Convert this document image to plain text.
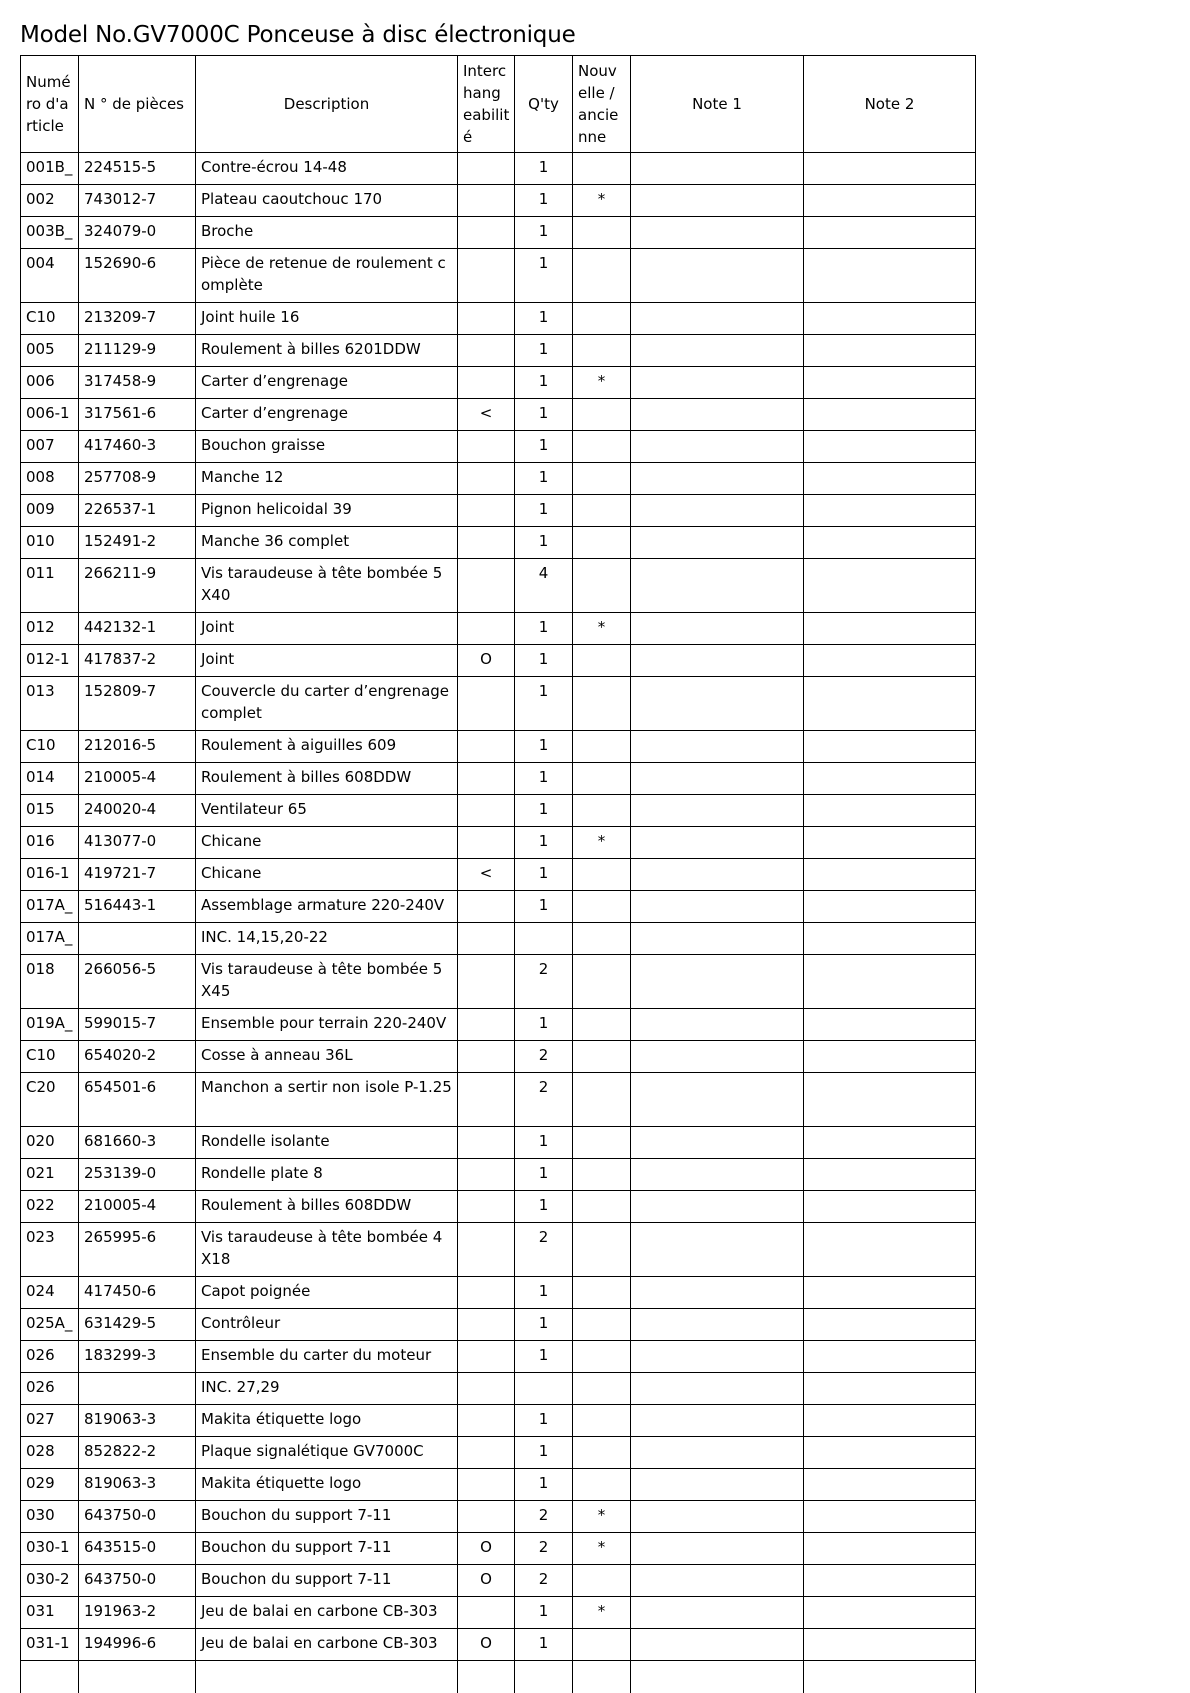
Model No.GV7000C Ponceuse à disc électronique
Numé ro d'a rticle	N ° de pièces	Description	Interc hang eabilit é	Q'ty	Nouv elle / ancie nne	Note 1	Note 2
001B_	224515-5	Contre-écrou 14-48		1			
002	743012-7	Plateau caoutchouc 170		1	*		
003B_	324079-0	Broche		1			
004	152690-6	Pièce de retenue de roulement complète		1			
C10	213209-7	Joint huile 16		1			
005	211129-9	Roulement à billes 6201DDW		1			
006	317458-9	Carter d’engrenage		1	*		
006-1	317561-6	Carter d’engrenage	<	1			
007	417460-3	Bouchon graisse		1			
008	257708-9	Manche 12		1			
009	226537-1	Pignon helicoidal 39		1			
010	152491-2	Manche 36 complet		1			
011	266211-9	Vis taraudeuse à tête bombée 5X40		4			
012	442132-1	Joint		1	*		
012-1	417837-2	Joint	O	1			
013	152809-7	Couvercle du carter d’engrenage complet		1			
C10	212016-5	Roulement à aiguilles 609		1			
014	210005-4	Roulement à billes 608DDW		1			
015	240020-4	Ventilateur 65		1			
016	413077-0	Chicane		1	*		
016-1	419721-7	Chicane	<	1			
017A_	516443-1	Assemblage armature 220-240V		1			
017A_		INC. 14,15,20-22					
018	266056-5	Vis taraudeuse à tête bombée 5X45		2			
019A_	599015-7	Ensemble pour terrain 220-240V		1			
C10	654020-2	Cosse à anneau 36L		2			
C20	654501-6	Manchon a sertir non isole P-1.25		2			
020	681660-3	Rondelle isolante		1			
021	253139-0	Rondelle plate 8		1			
022	210005-4	Roulement à billes 608DDW		1			
023	265995-6	Vis taraudeuse à tête bombée 4X18		2			
024	417450-6	Capot poignée		1			
025A_	631429-5	Contrôleur		1			
026	183299-3	Ensemble du carter du moteur		1			
026		INC. 27,29					
027	819063-3	Makita étiquette logo		1			
028	852822-2	Plaque signalétique GV7000C		1			
029	819063-3	Makita étiquette logo		1			
030	643750-0	Bouchon du support 7-11		2	*		
030-1	643515-0	Bouchon du support 7-11	O	2	*		
030-2	643750-0	Bouchon du support 7-11	O	2			
031	191963-2	Jeu de balai en carbone CB-303		1	*		
031-1	194996-6	Jeu de balai en carbone CB-303	O	1			
